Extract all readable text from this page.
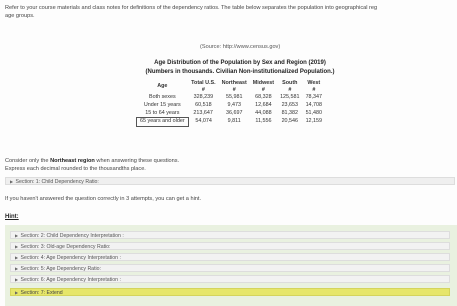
Refer to your course materials and class notes for definitions of the dependency ratios. The table below separates the population into geographical reg
age groups.
(Source: http://www.census.gov)
Age Distribution of the Population by Sex and Region (2019)
(Numbers in thousands. Civilian Non-institutionalized Population.)
Age	Total U.S.	Northeast	Midwest	South	West
	#	#	#	#	#
Both sexes	328,239	55,981	68,328	125,581	78,347
Under 15 years	60,518	9,473	12,684	23,653	14,708
15 to 64 years	213,647	36,697	44,088	81,382	51,480
65 years and older	54,074	9,811	11,556	20,546	12,159
Consider only the Northeast region when answering these questions.
Express each decimal rounded to the thousandths place.
▶ Section: 1: Child Dependency Ratio:
If you haven't answered the question correctly in 3 attempts, you can get a hint.
Hint:
▶ Section: 2: Child Dependency Interpretation :
▶ Section: 3: Old-age Dependency Ratio:
▶ Section: 4: Age Dependency Interpretation :
▶ Section: 5: Age Dependency Ratio:
▶ Section: 6: Age Dependency Interpretation :
▶ Section: 7: Extend
